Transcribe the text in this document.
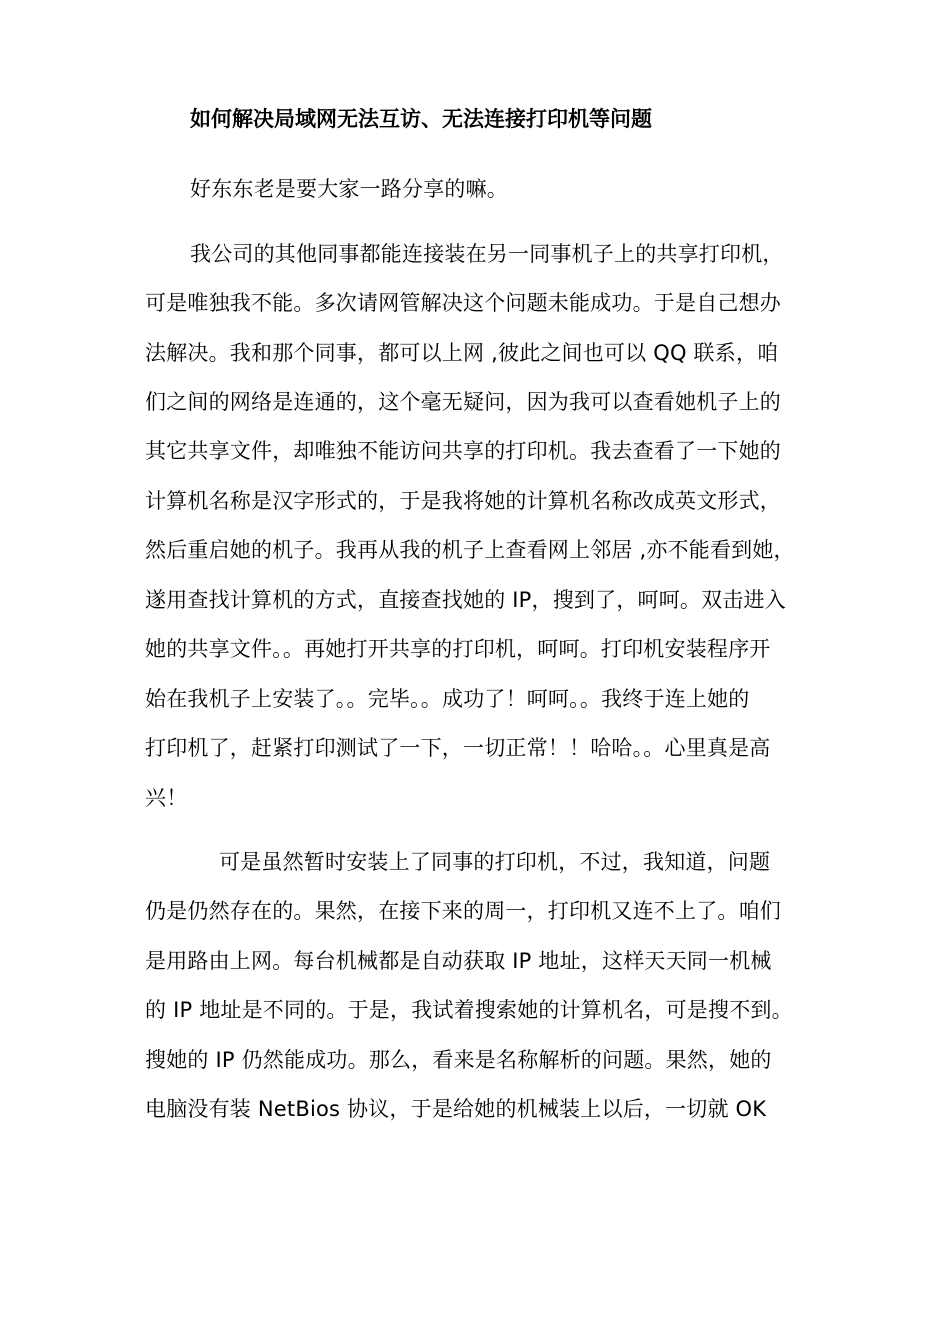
如何解决局域网无法互访、无法连接打印机等问题
好东东老是要大家一路分享的嘛。
我公司的其他同事都能连接装在另一同事机子上的共享打印机，
可是唯独我不能。多次请网管解决这个问题未能成功。于是自己想办
法解决。我和那个同事，都可以上网 ,彼此之间也可以 QQ 联系，咱
们之间的网络是连通的，这个毫无疑问，因为我可以查看她机子上的
其它共享文件，却唯独不能访问共享的打印机。我去查看了一下她的
计算机名称是汉字形式的，于是我将她的计算机名称改成英文形式，
然后重启她的机子。我再从我的机子上查看网上邻居 ,亦不能看到她，
遂用查找计算机的方式，直接查找她的 IP，搜到了，呵呵。双击进入
她的共享文件。。再她打开共享的打印机，呵呵。打印机安装程序开
始在我机子上安装了。。完毕。。成功了！呵呵。。我终于连上她的
打印机了，赶紧打印测试了一下，一切正常！！哈哈。。心里真是高
兴！
可是虽然暂时安装上了同事的打印机，不过，我知道，问题
仍是仍然存在的。果然，在接下来的周一，打印机又连不上了。咱们
是用路由上网。每台机械都是自动获取 IP 地址，这样天天同一机械
的 IP 地址是不同的。于是，我试着搜索她的计算机名，可是搜不到。
搜她的 IP 仍然能成功。那么，看来是名称解析的问题。果然，她的
电脑没有装 NetBios 协议，于是给她的机械装上以后，一切就 OK
